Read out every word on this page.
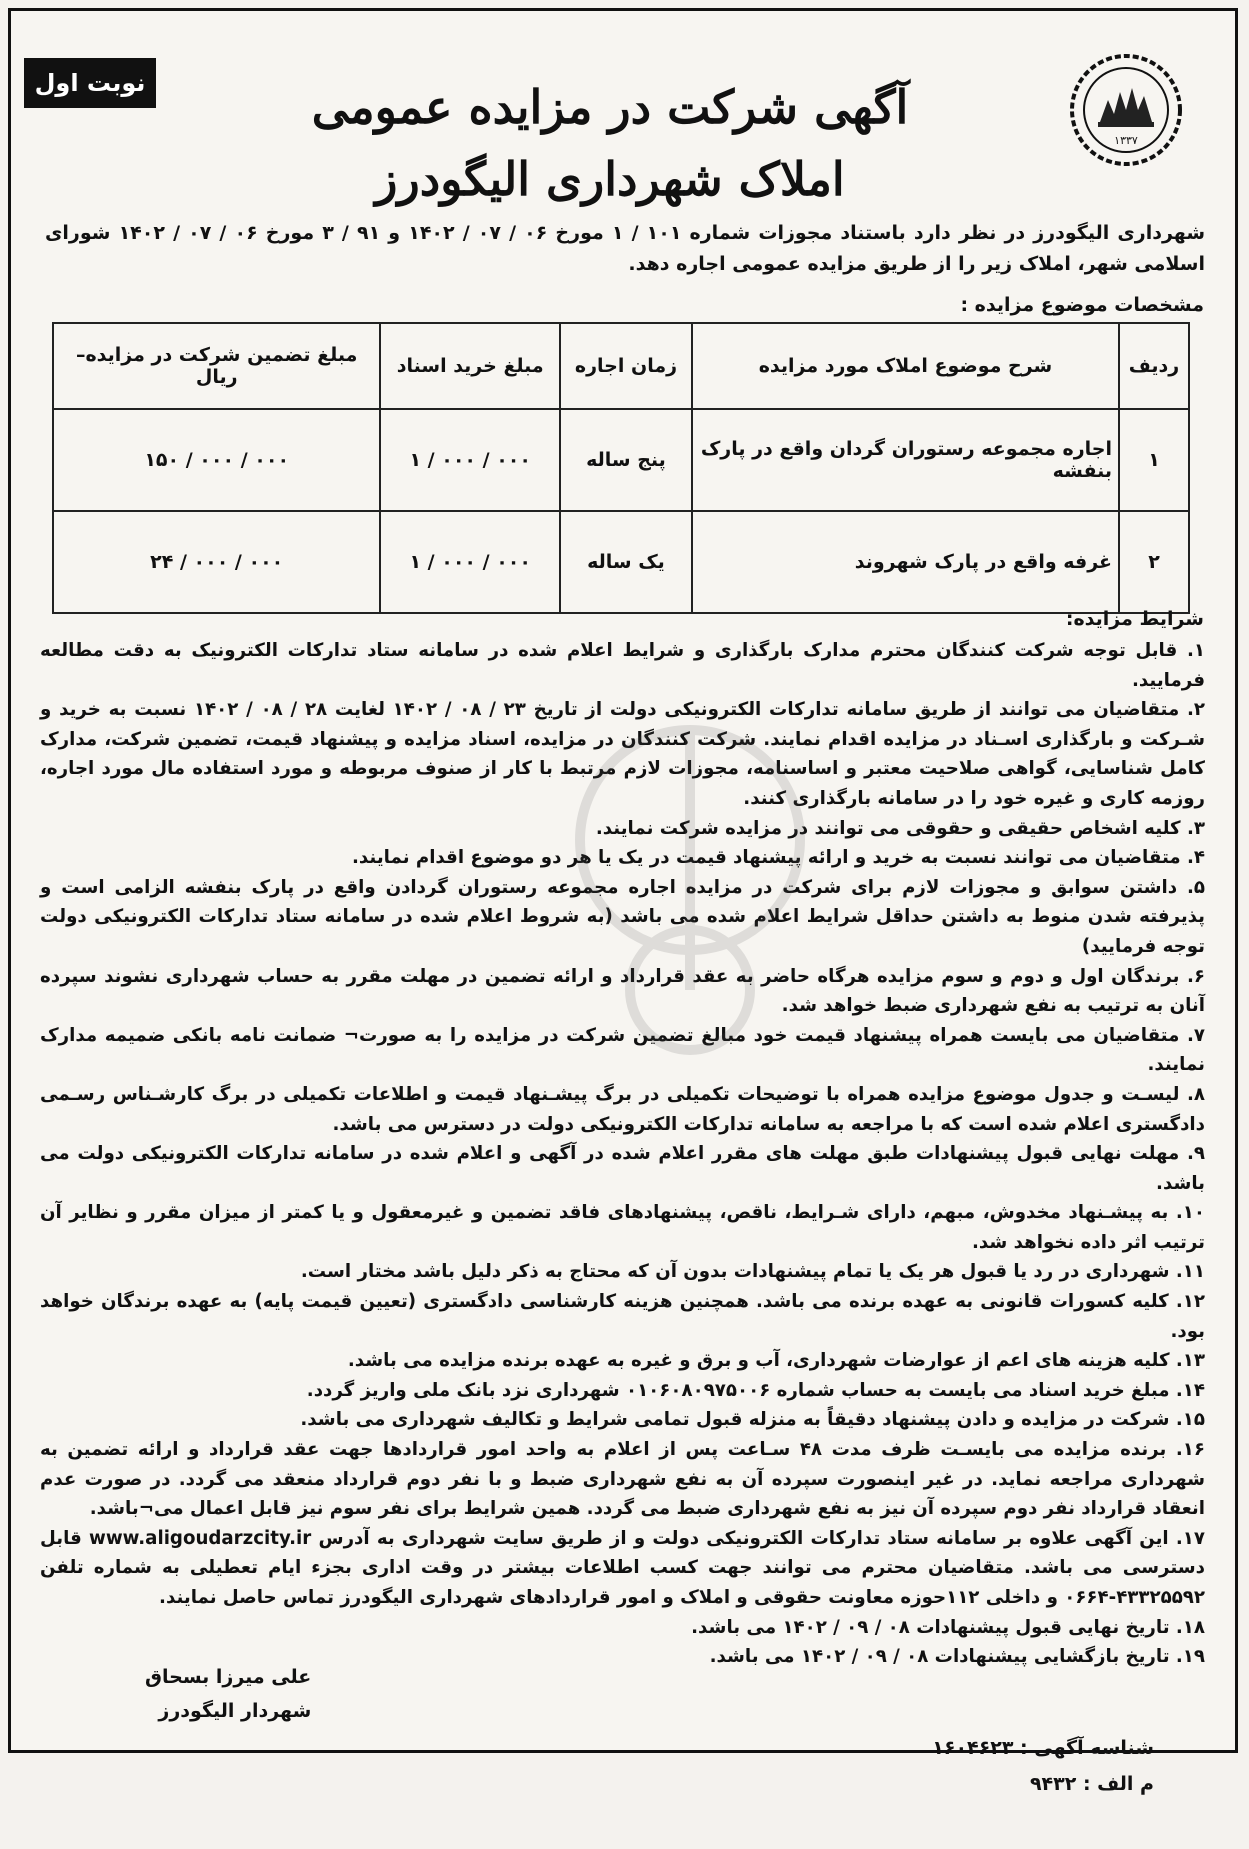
نوبت اول
۱۳۳۷
آگهی شرکت در مزایده عمومی
املاک شهرداری الیگودرز
شهرداری الیگودرز در نظر دارد باستناد مجوزات شماره ۱۰۱ / ۱ مورخ ۰۶ / ۰۷ / ۱۴۰۲ و ۹۱ / ۳ مورخ ۰۶ / ۰۷ / ۱۴۰۲ شورای اسلامی شهر، املاک زیر را از طریق مزایده عمومی اجاره دهد.
مشخصات موضوع مزایده :
ردیف	شرح موضوع املاک مورد مزایده	زمان اجاره	مبلغ خرید اسناد	مبلغ تضمین شرکت در مزایده– ریال
۱	اجاره مجموعه رستوران گردان واقع در پارک بنفشه	پنج ساله	۰۰۰ / ۰۰۰ / ۱	۰۰۰ / ۰۰۰ / ۱۵۰
۲	غرفه واقع در پارک شهروند	یک ساله	۰۰۰ / ۰۰۰ / ۱	۰۰۰ / ۰۰۰ / ۲۴
شرایط مزایده:

۱. قابل توجه شرکت کنندگان محترم مدارک بارگذاری و شرایط اعلام شده در سامانه ستاد تدارکات الکترونیک به دقت مطالعه فرمایید.

۲. متقاضیان می توانند از طریق سامانه تدارکات الکترونیکی دولت از تاریخ ۲۳ / ۰۸ / ۱۴۰۲ لغایت ۲۸ / ۰۸ / ۱۴۰۲ نسبت به خرید و شـرکت و بارگذاری اسـناد در مزایده اقدام نمایند. شرکت کنندگان در مزایده، اسناد مزایده و پیشنهاد قیمت، تضمین شرکت، مدارک کامل شناسایی، گواهی صلاحیت معتبر و اساسنامه، مجوزات لازم مرتبط با کار از صنوف مربوطه و مورد استفاده مال مورد اجاره، روزمه کاری و غیره خود را در سامانه بارگذاری کنند.

۳. کلیه اشخاص حقیقی و حقوقی می توانند در مزایده شرکت نمایند.

۴. متقاضیان می توانند نسبت به خرید و ارائه پیشنهاد قیمت در یک یا هر دو موضوع اقدام نمایند.

۵. داشتن سوابق و مجوزات لازم برای شرکت در مزایده اجاره مجموعه رستوران گردادن واقع در پارک بنفشه الزامی است و پذیرفته شدن منوط به داشتن حداقل شرایط اعلام شده می باشد (به شروط اعلام شده در سامانه ستاد تدارکات الکترونیکی دولت توجه فرمایید)

۶. برندگان اول و دوم و سوم مزایده هرگاه حاضر به عقد قرارداد و ارائه تضمین در مهلت مقرر به حساب شهرداری نشوند سپرده آنان به ترتیب به نفع شهرداری ضبط خواهد شد.

۷. متقاضیان می بایست همراه پیشنهاد قیمت خود مبالغ تضمین شرکت در مزایده را به صورت¬ ضمانت نامه بانکی ضمیمه مدارک نمایند.

۸. لیسـت و جدول موضوع مزایده همراه با توضیحات تکمیلی در برگ پیشـنهاد قیمت و اطلاعات تکمیلی در برگ کارشـناس رسـمی دادگستری اعلام شده است که با مراجعه به سامانه تدارکات الکترونیکی دولت در دسترس می باشد.

۹. مهلت نهایی قبول پیشنهادات طبق مهلت های مقرر اعلام شده در آگهی و اعلام شده در سامانه تدارکات الکترونیکی دولت می باشد.

۱۰. به پیشـنهاد مخدوش، مبهم، دارای شـرایط، ناقص، پیشنهادهای فاقد تضمین و غیرمعقول و یا کمتر از میزان مقرر و نظایر آن ترتیب اثر داده نخواهد شد.

۱۱. شهرداری در رد یا قبول هر یک یا تمام پیشنهادات بدون آن که محتاج به ذکر دلیل باشد مختار است.

۱۲. کلیه کسورات قانونی به عهده برنده می باشد. همچنین هزینه کارشناسی دادگستری (تعیین قیمت پایه) به عهده برندگان خواهد بود.

۱۳. کلیه هزینه های اعم از عوارضات شهرداری، آب و برق و غیره به عهده برنده مزایده می باشد.

۱۴. مبلغ خرید اسناد می بایست به حساب شماره ۰۱۰۶۰۸۰۹۷۵۰۰۶ شهرداری نزد بانک ملی واریز گردد.

۱۵. شرکت در مزایده و دادن پیشنهاد دقیقاً به منزله قبول تمامی شرایط و تکالیف شهرداری می باشد.

۱۶. برنده مزایده می بایسـت ظرف مدت ۴۸ سـاعت پس از اعلام به واحد امور قراردادها جهت عقد قرارداد و ارائه تضمین به شهرداری مراجعه نماید. در غیر اینصورت سپرده آن به نفع شهرداری ضبط و با نفر دوم قرارداد منعقد می گردد. در صورت عدم انعقاد قرارداد نفر دوم سپرده آن نیز به نفع شهرداری ضبط می گردد. همین شرایط برای نفر سوم نیز قابل اعمال می¬باشد.

۱۷. این آگهی علاوه بر سامانه ستاد تدارکات الکترونیکی دولت و از طریق سایت شهرداری به آدرس www.aligoudarzcity.ir قابل دسترسی می باشد. متقاضیان محترم می توانند جهت کسب اطلاعات بیشتر در وقت اداری بجزء ایام تعطیلی به شماره تلفن ۴۳۳۲۵۵۹۲-۰۶۶۴ و داخلی ۱۱۲حوزه معاونت حقوقی و املاک و امور قراردادهای شهرداری الیگودرز تماس حاصل نمایند.

۱۸. تاریخ نهایی قبول پیشنهادات ۰۸ / ۰۹ / ۱۴۰۲ می باشد.

۱۹. تاریخ بازگشایی پیشنهادات ۰۸ / ۰۹ / ۱۴۰۲ می باشد.

علی میرزا بسحاق
شهردار الیگودرز
شناسه آگهی : ۱۶۰۴۶۲۳
م الف : ۹۴۳۲
